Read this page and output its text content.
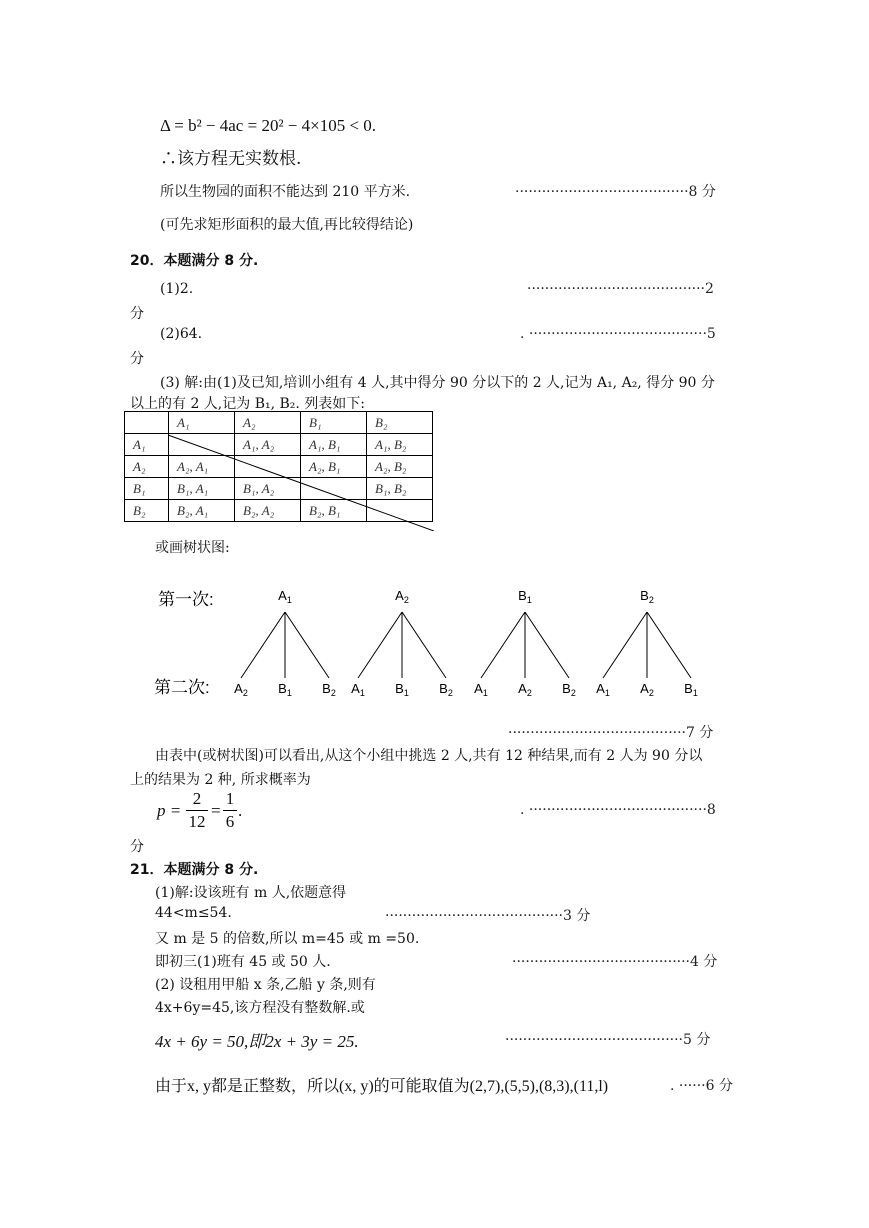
Δ = b² − 4ac = 20² − 4×105 < 0.
∴该方程无实数根.
所以生物园的面积不能达到 210 平方米.	·······································8 分
(可先求矩形面积的最大值,再比较得结论)
20．本题满分 8 分.
(1)2.	········································2
分
(2)64.	. ········································5
分
(3) 解:由(1)及已知,培训小组有 4 人,其中得分 90 分以下的 2 人,记为 A₁, A₂, 得分 90 分
以上的有 2 人,记为 B₁, B₂. 列表如下:
	A₁	A₂	B₁	B₂
A₁		A₁, A₂	A₁, B₁	A₁, B₂
A₂	A₂, A₁		A₂, B₁	A₂, B₂
B₁	B₁, A₁	B₁, A₂		B₁, B₂
B₂	B₂, A₁	B₂, A₂	B₂, B₁	
或画树状图:
第一次:
第二次:
$A_1$
$A_2$ $B_1$ $B_2$
$A_2$
$A_1$ $B_1$ $B_2$
$B_1$
$A_1$ $A_2$ $B_2$
$B_2$
$A_1$ $A_2$ $B_1$
········································7 分
由表中(或树状图)可以看出,从这个小组中挑选 2 人,共有 12 种结果,而有 2 人为 90 分以
上的结果为 2 种, 所求概率为
p =
2
12
=
1
6
.	. ········································8
分
21．本题满分 8 分.
(1)解:设该班有 m 人,依题意得
44<m≤54.	········································3 分
又 m 是 5 的倍数,所以 m=45 或 m =50.
即初三(1)班有 45 或 50 人.	········································4 分
(2) 设租用甲船 x 条,乙船 y 条,则有
4x+6y=45,该方程没有整数解.或
4x + 6y = 50,即2x + 3y = 25.	········································5 分
由于x, y都是正整数，所以(x, y)的可能取值为(2,7),(5,5),(8,3),(11,l)	. ······6 分
